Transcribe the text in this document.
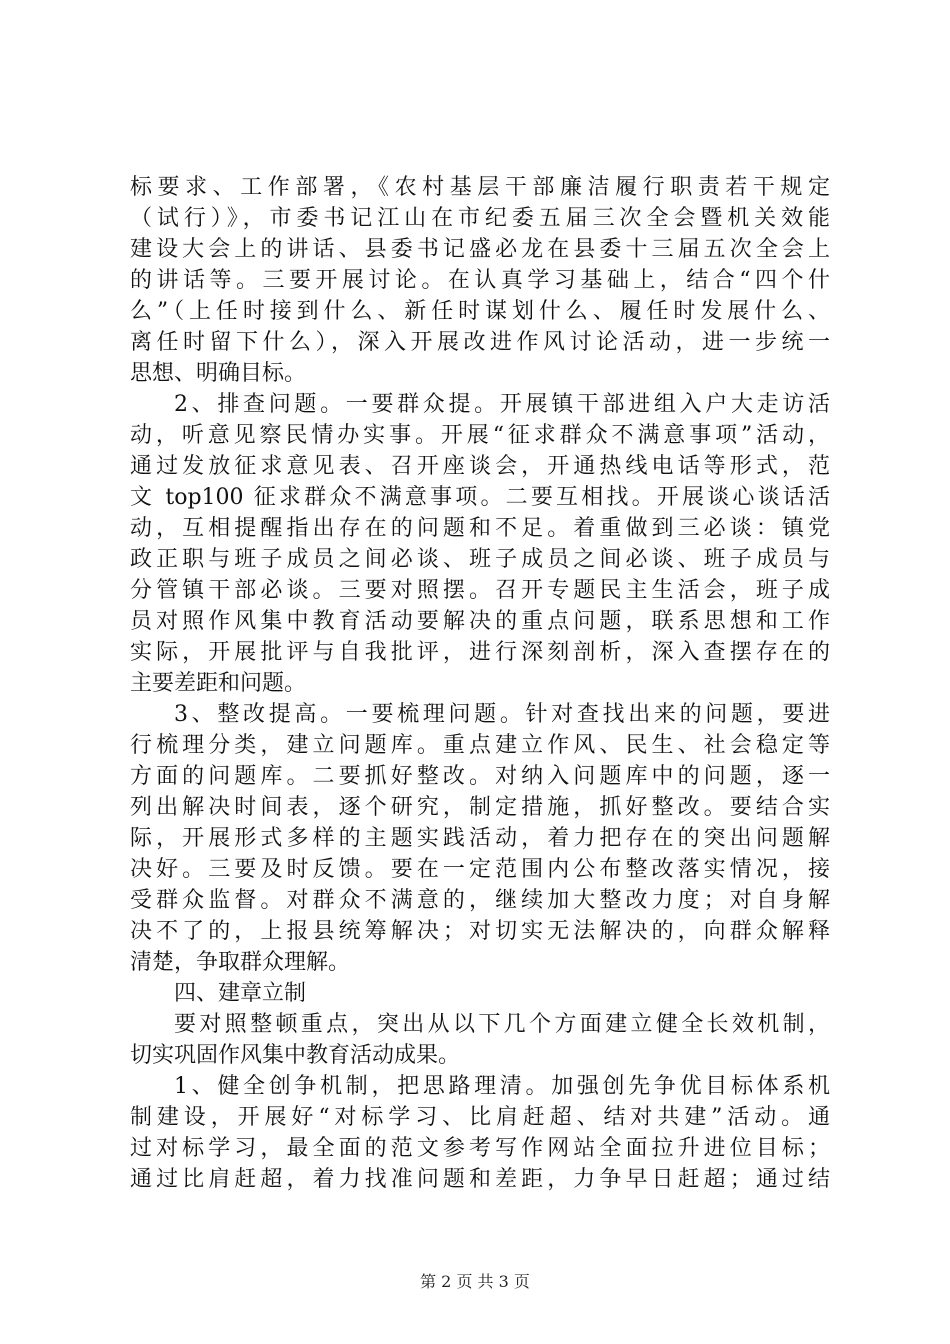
标要求、工作部署，《农村基层干部廉洁履行职责若干规定
（试行）》，市委书记江山在市纪委五届三次全会暨机关效能
建设大会上的讲话、县委书记盛必龙在县委十三届五次全会上
的讲话等。三要开展讨论。在认真学习基础上，结合“四个什
么”（上任时接到什么、新任时谋划什么、履任时发展什么、
离任时留下什么），深入开展改进作风讨论活动，进一步统一
思想、明确目标。
2、排查问题。一要群众提。开展镇干部进组入户大走访活
动，听意见察民情办实事。开展“征求群众不满意事项”活动，
通过发放征求意见表、召开座谈会，开通热线电话等形式，范
文 top100 征求群众不满意事项。二要互相找。开展谈心谈话活
动，互相提醒指出存在的问题和不足。着重做到三必谈：镇党
政正职与班子成员之间必谈、班子成员之间必谈、班子成员与
分管镇干部必谈。三要对照摆。召开专题民主生活会，班子成
员对照作风集中教育活动要解决的重点问题，联系思想和工作
实际，开展批评与自我批评，进行深刻剖析，深入查摆存在的
主要差距和问题。
3、整改提高。一要梳理问题。针对查找出来的问题，要进
行梳理分类，建立问题库。重点建立作风、民生、社会稳定等
方面的问题库。二要抓好整改。对纳入问题库中的问题，逐一
列出解决时间表，逐个研究，制定措施，抓好整改。要结合实
际，开展形式多样的主题实践活动，着力把存在的突出问题解
决好。三要及时反馈。要在一定范围内公布整改落实情况，接
受群众监督。对群众不满意的，继续加大整改力度；对自身解
决不了的，上报县统筹解决；对切实无法解决的，向群众解释
清楚，争取群众理解。
四、建章立制
要对照整顿重点，突出从以下几个方面建立健全长效机制，
切实巩固作风集中教育活动成果。
1、健全创争机制，把思路理清。加强创先争优目标体系机
制建设，开展好“对标学习、比肩赶超、结对共建”活动。通
过对标学习，最全面的范文参考写作网站全面拉升进位目标；
通过比肩赶超，着力找准问题和差距，力争早日赶超；通过结
第 2 页 共 3 页
